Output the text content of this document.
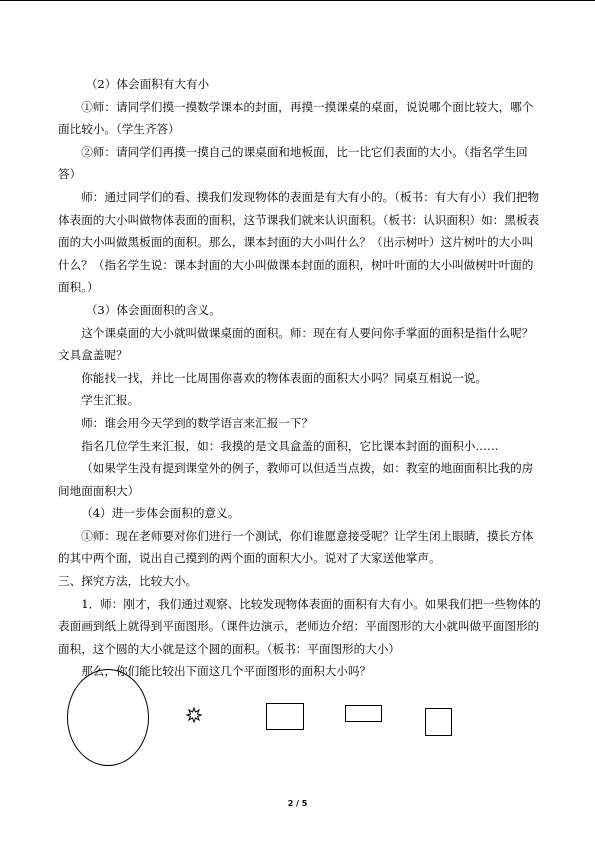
（2）体会面积有大有小

①师：请同学们摸一摸数学课本的封面，再摸一摸课桌的桌面，说说哪个面比较大，哪个面比较小。（学生齐答）

②师：请同学们再摸一摸自己的课桌面和地板面，比一比它们表面的大小。（指名学生回答）

师：通过同学们的看、摸我们发现物体的表面是有大有小的。（板书：有大有小）我们把物体表面的大小叫做物体表面的面积，这节课我们就来认识面积。（板书：认识面积）如：黑板表面的大小叫做黑板面的面积。那么，课本封面的大小叫什么？（出示树叶）这片树叶的大小叫什么？（指名学生说：课本封面的大小叫做课本封面的面积，树叶叶面的大小叫做树叶叶面的面积。）

（3）体会面面积的含义。

这个课桌面的大小就叫做课桌面的面积。师：现在有人要问你手掌面的面积是指什么呢？文具盒盖呢？

你能找一找，并比一比周围你喜欢的物体表面的面积大小吗？同桌互相说一说。

学生汇报。

师：谁会用今天学到的数学语言来汇报一下？

指名几位学生来汇报，如：我摸的是文具盒盖的面积，它比课本封面的面积小……

（如果学生没有提到课堂外的例子，教师可以但适当点拨，如：教室的地面面积比我的房间地面面积大）

（4）进一步体会面积的意义。

①师：现在老师要对你们进行一个测试，你们谁愿意接受呢？让学生闭上眼睛，摸长方体的其中两个面，说出自己摸到的两个面的面积大小。说对了大家送他掌声。

三、探究方法，比较大小。

1．师：刚才，我们通过观察、比较发现物体表面的面积有大有小。如果我们把一些物体的表面画到纸上就得到平面图形。（课件边演示，老师边介绍：平面图形的大小就叫做平面图形的面积，这个圆的大小就是这个圆的面积。（板书：平面图形的大小）

那么，你们能比较出下面这几个平面图形的面积大小吗？

2 / 5
